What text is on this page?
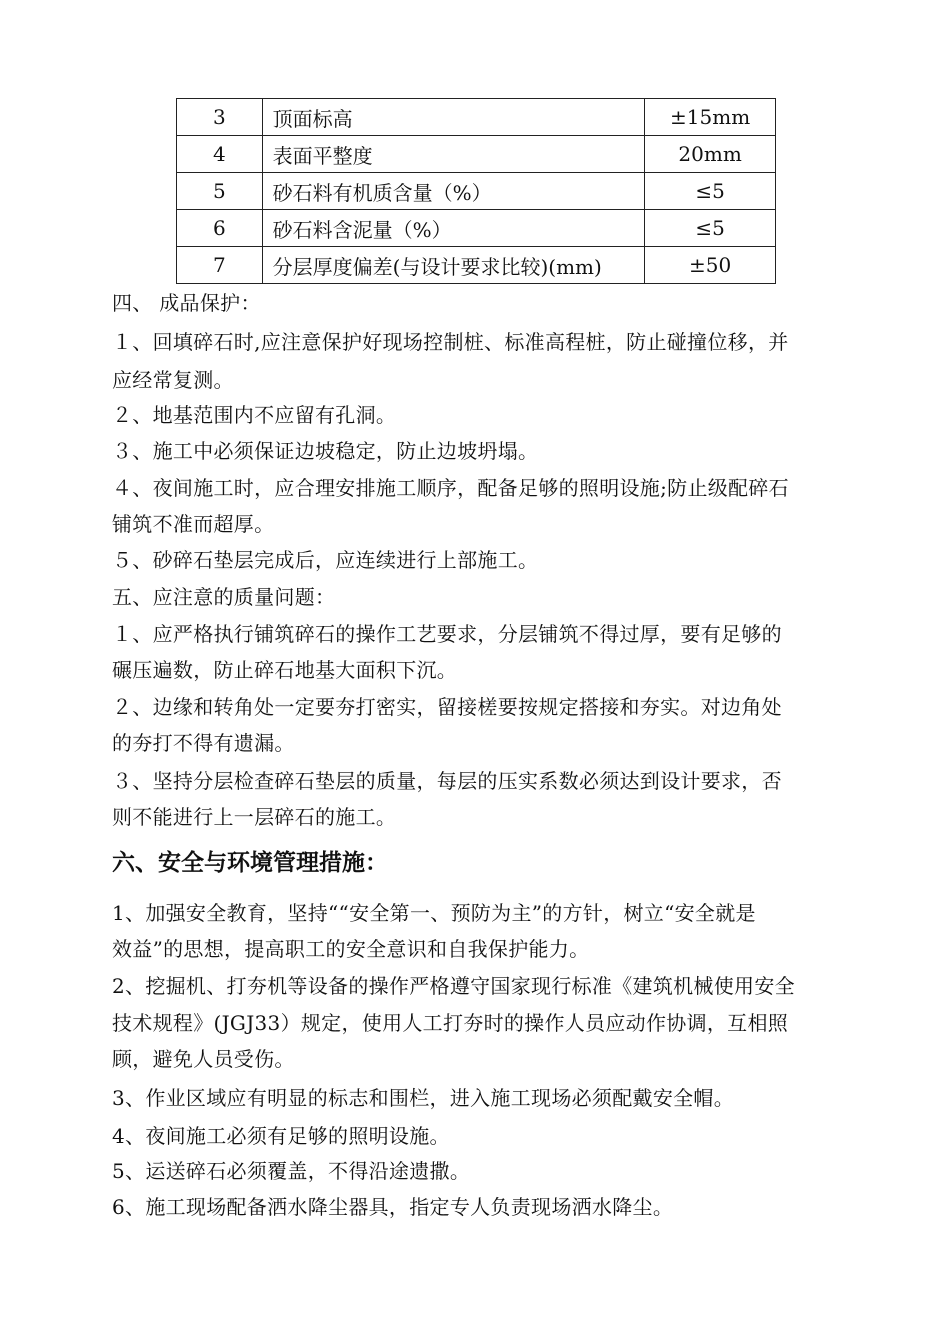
3	顶面标高	±15mm
4	表面平整度	20mm
5	砂石料有机质含量（%）	≤5
6	砂石料含泥量（%）	≤5
7	分层厚度偏差(与设计要求比较)(mm)	±50
四、 成品保护：
１、回填碎石时,应注意保护好现场控制桩、标准高程桩，防止碰撞位移，并
应经常复测。
２、地基范围内不应留有孔洞。
３、施工中必须保证边坡稳定，防止边坡坍塌。
４、夜间施工时，应合理安排施工顺序，配备足够的照明设施;防止级配碎石
铺筑不准而超厚。
５、砂碎石垫层完成后，应连续进行上部施工。
五、应注意的质量问题：
１、应严格执行铺筑碎石的操作工艺要求，分层铺筑不得过厚，要有足够的
碾压遍数，防止碎石地基大面积下沉。
２、边缘和转角处一定要夯打密实，留接槎要按规定搭接和夯实。对边角处
的夯打不得有遗漏。
３、坚持分层检查碎石垫层的质量，每层的压实系数必须达到设计要求，否
则不能进行上一层碎石的施工。
六、安全与环境管理措施：
1、加强安全教育，坚持““安全第一、预防为主”的方针，树立“安全就是
效益”的思想，提高职工的安全意识和自我保护能力。
2、挖掘机、打夯机等设备的操作严格遵守国家现行标准《建筑机械使用安全
技术规程》(JGJ33）规定，使用人工打夯时的操作人员应动作协调，互相照
顾，避免人员受伤。
3、作业区域应有明显的标志和围栏，进入施工现场必须配戴安全帽。
4、夜间施工必须有足够的照明设施。
5、运送碎石必须覆盖，不得沿途遗撒。
6、施工现场配备洒水降尘器具，指定专人负责现场洒水降尘。
